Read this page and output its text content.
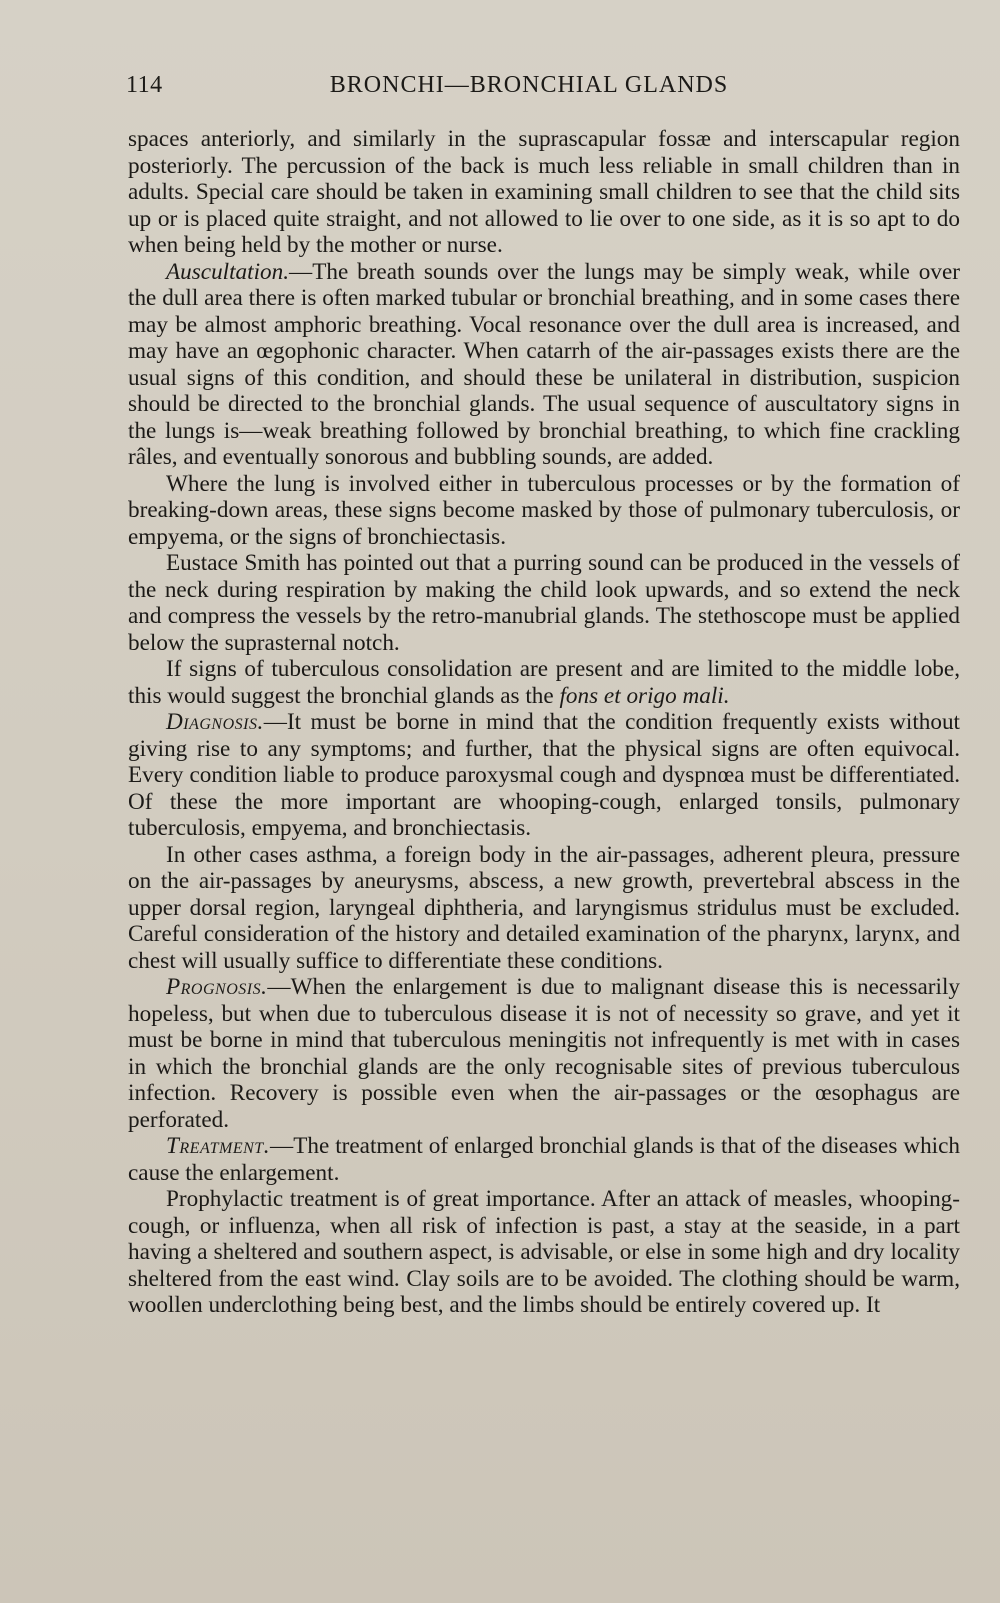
114	BRONCHI—BRONCHIAL GLANDS

spaces anteriorly, and similarly in the suprascapular fossæ and interscapular region posteriorly. The percussion of the back is much less reliable in small children than in adults. Special care should be taken in examining small children to see that the child sits up or is placed quite straight, and not allowed to lie over to one side, as it is so apt to do when being held by the mother or nurse.

Auscultation.—The breath sounds over the lungs may be simply weak, while over the dull area there is often marked tubular or bronchial breathing, and in some cases there may be almost amphoric breathing. Vocal resonance over the dull area is increased, and may have an œgophonic character. When catarrh of the air-passages exists there are the usual signs of this condition, and should these be unilateral in distribution, suspicion should be directed to the bronchial glands. The usual sequence of auscultatory signs in the lungs is—weak breathing followed by bronchial breathing, to which fine crackling râles, and eventually sonorous and bubbling sounds, are added.

Where the lung is involved either in tuberculous processes or by the formation of breaking-down areas, these signs become masked by those of pulmonary tuberculosis, or empyema, or the signs of bronchiectasis.

Eustace Smith has pointed out that a purring sound can be produced in the vessels of the neck during respiration by making the child look upwards, and so extend the neck and compress the vessels by the retro-manubrial glands. The stethoscope must be applied below the suprasternal notch.

If signs of tuberculous consolidation are present and are limited to the middle lobe, this would suggest the bronchial glands as the fons et origo mali.

Diagnosis.—It must be borne in mind that the condition frequently exists without giving rise to any symptoms; and further, that the physical signs are often equivocal. Every condition liable to produce paroxysmal cough and dyspnœa must be differentiated. Of these the more important are whooping-cough, enlarged tonsils, pulmonary tuberculosis, empyema, and bronchiectasis.

In other cases asthma, a foreign body in the air-passages, adherent pleura, pressure on the air-passages by aneurysms, abscess, a new growth, prevertebral abscess in the upper dorsal region, laryngeal diphtheria, and laryngismus stridulus must be excluded. Careful consideration of the history and detailed examination of the pharynx, larynx, and chest will usually suffice to differentiate these conditions.

Prognosis.—When the enlargement is due to malignant disease this is necessarily hopeless, but when due to tuberculous disease it is not of necessity so grave, and yet it must be borne in mind that tuberculous meningitis not infrequently is met with in cases in which the bronchial glands are the only recognisable sites of previous tuberculous infection. Recovery is possible even when the air-passages or the œsophagus are perforated.

Treatment.—The treatment of enlarged bronchial glands is that of the diseases which cause the enlargement.

Prophylactic treatment is of great importance. After an attack of measles, whooping-cough, or influenza, when all risk of infection is past, a stay at the seaside, in a part having a sheltered and southern aspect, is advisable, or else in some high and dry locality sheltered from the east wind. Clay soils are to be avoided. The clothing should be warm, woollen underclothing being best, and the limbs should be entirely covered up. It
